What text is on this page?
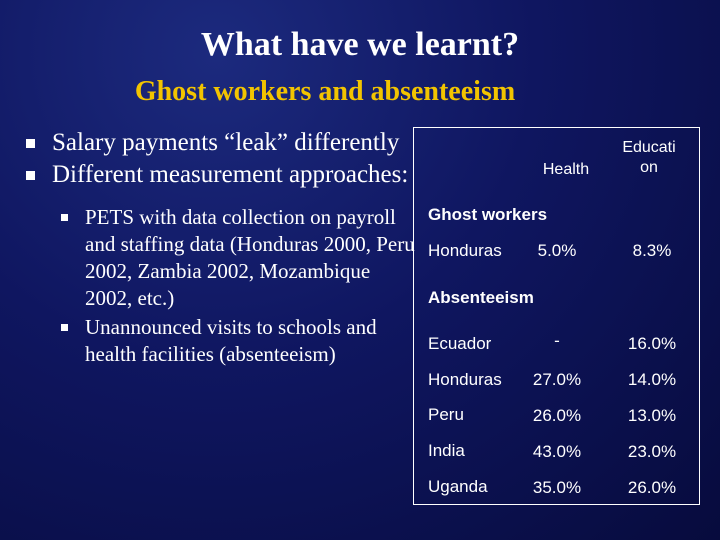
What have we learnt?
Ghost workers and absenteeism
Salary payments “leak” differently
Different measurement approaches:
PETS with data collection on payroll and staffing data (Honduras 2000, Peru 2002, Zambia 2002, Mozambique 2002, etc.)
Unannounced visits to schools and health facilities (absenteeism)
Health
Educati on
Ghost workers
Honduras	5.0%	8.3%
Absenteeism
Ecuador	-	16.0%
Honduras	27.0%	14.0%
Peru	26.0%	13.0%
India	43.0%	23.0%
Uganda	35.0%	26.0%
